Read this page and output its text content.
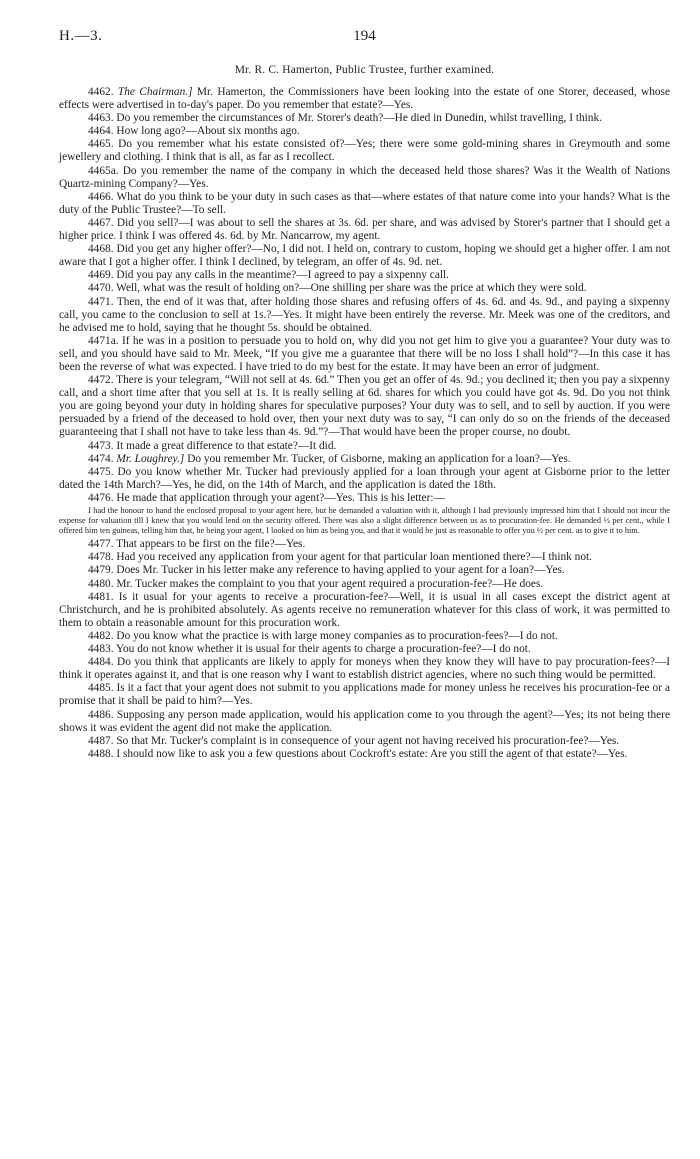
H.—3.	194
Mr. R. C. Hamerton, Public Trustee, further examined.

4462. The Chairman.] Mr. Hamerton, the Commissioners have been looking into the estate of one Storer, deceased, whose effects were advertised in to-day's paper. Do you remember that estate?—Yes.

4463. Do you remember the circumstances of Mr. Storer's death?—He died in Dunedin, whilst travelling, I think.

4464. How long ago?—About six months ago.

4465. Do you remember what his estate consisted of?—Yes; there were some gold-mining shares in Greymouth and some jewellery and clothing. I think that is all, as far as I recollect.

4465a. Do you remember the name of the company in which the deceased held those shares? Was it the Wealth of Nations Quartz-mining Company?—Yes.

4466. What do you think to be your duty in such cases as that—where estates of that nature come into your hands? What is the duty of the Public Trustee?—To sell.

4467. Did you sell?—I was about to sell the shares at 3s. 6d. per share, and was advised by Storer's partner that I should get a higher price. I think I was offered 4s. 6d. by Mr. Nancarrow, my agent.

4468. Did you get any higher offer?—No, I did not. I held on, contrary to custom, hoping we should get a higher offer. I am not aware that I got a higher offer. I think I declined, by telegram, an offer of 4s. 9d. net.

4469. Did you pay any calls in the meantime?—I agreed to pay a sixpenny call.

4470. Well, what was the result of holding on?—One shilling per share was the price at which they were sold.

4471. Then, the end of it was that, after holding those shares and refusing offers of 4s. 6d. and 4s. 9d., and paying a sixpenny call, you came to the conclusion to sell at 1s.?—Yes. It might have been entirely the reverse. Mr. Meek was one of the creditors, and he advised me to hold, saying that he thought 5s. should be obtained.

4471a. If he was in a position to persuade you to hold on, why did you not get him to give you a guarantee? Your duty was to sell, and you should have said to Mr. Meek, “If you give me a guarantee that there will be no loss I shall hold”?—In this case it has been the reverse of what was expected. I have tried to do my best for the estate. It may have been an error of judgment.

4472. There is your telegram, “Will not sell at 4s. 6d.” Then you get an offer of 4s. 9d.; you declined it; then you pay a sixpenny call, and a short time after that you sell at 1s. It is really selling at 6d. shares for which you could have got 4s. 9d. Do you not think you are going beyond your duty in holding shares for speculative purposes? Your duty was to sell, and to sell by auction. If you were persuaded by a friend of the deceased to hold over, then your next duty was to say, “I can only do so on the friends of the deceased guaranteeing that I shall not have to take less than 4s. 9d.”?—That would have been the proper course, no doubt.

4473. It made a great difference to that estate?—It did.

4474. Mr. Loughrey.] Do you remember Mr. Tucker, of Gisborne, making an application for a loan?—Yes.

4475. Do you know whether Mr. Tucker had previously applied for a loan through your agent at Gisborne prior to the letter dated the 14th March?—Yes, he did, on the 14th of March, and the application is dated the 18th.

4476. He made that application through your agent?—Yes. This is his letter:—

I had the honour to hand the enclosed proposal to your agent here, but he demanded a valuation with it, although I had previously impressed him that I should not incur the expense for valuation till I knew that you would lend on the security offered. There was also a slight difference between us as to procuration-fee. He demanded ½ per cent., while I offered him ten guineas, telling him that, he being your agent, I looked on him as being you, and that it would be just as reasonable to offer you ½ per cent. as to give it to him.

4477. That appears to be first on the file?—Yes.

4478. Had you received any application from your agent for that particular loan mentioned there?—I think not.

4479. Does Mr. Tucker in his letter make any reference to having applied to your agent for a loan?—Yes.

4480. Mr. Tucker makes the complaint to you that your agent required a procuration-fee?—He does.

4481. Is it usual for your agents to receive a procuration-fee?—Well, it is usual in all cases except the district agent at Christchurch, and he is prohibited absolutely. As agents receive no remuneration whatever for this class of work, it was permitted to them to obtain a reasonable amount for this procuration work.

4482. Do you know what the practice is with large money companies as to procuration-fees?—I do not.

4483. You do not know whether it is usual for their agents to charge a procuration-fee?—I do not.

4484. Do you think that applicants are likely to apply for moneys when they know they will have to pay procuration-fees?—I think it operates against it, and that is one reason why I want to establish district agencies, where no such thing would be permitted.

4485. Is it a fact that your agent does not submit to you applications made for money unless he receives his procuration-fee or a promise that it shall be paid to him?—Yes.

4486. Supposing any person made application, would his application come to you through the agent?—Yes; its not being there shows it was evident the agent did not make the application.

4487. So that Mr. Tucker's complaint is in consequence of your agent not having received his procuration-fee?—Yes.

4488. I should now like to ask you a few questions about Cockroft's estate: Are you still the agent of that estate?—Yes.
